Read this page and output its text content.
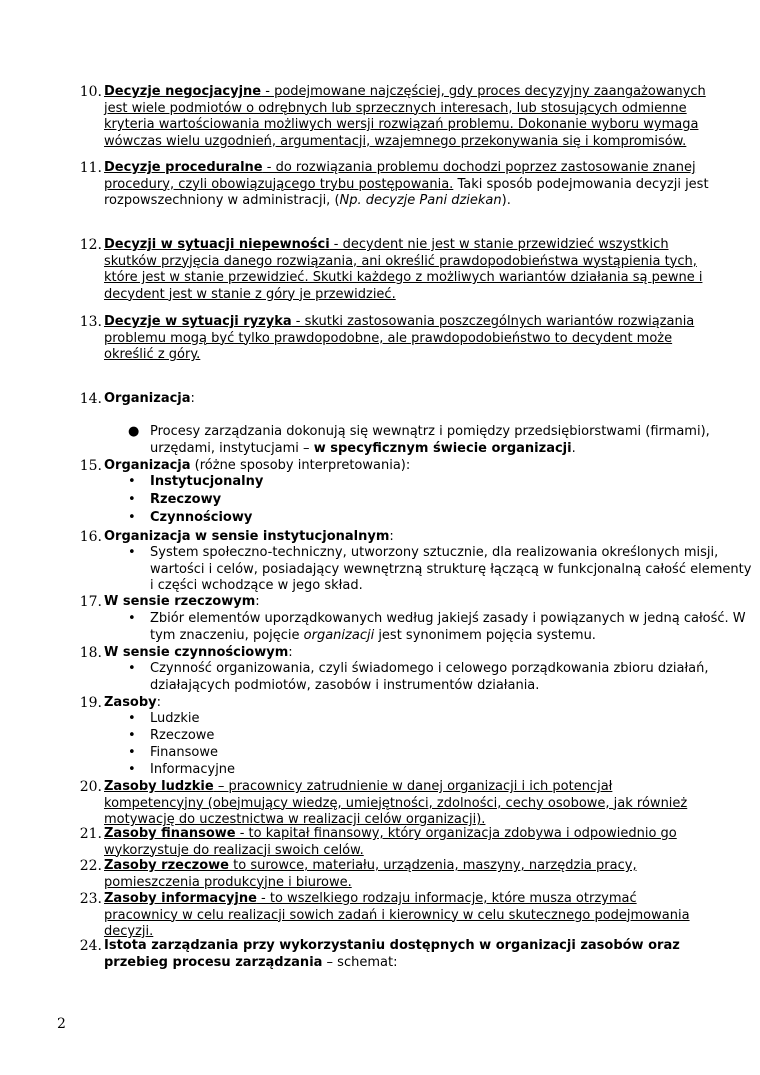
10. Decyzje negocjacyjne - podejmowane najczęściej, gdy proces decyzyjny zaangażowanych jest wiele podmiotów o odrębnych lub sprzecznych interesach, lub stosujących odmienne kryteria wartościowania możliwych wersji rozwiązań problemu. Dokonanie wyboru wymaga wówczas wielu uzgodnień, argumentacji, wzajemnego przekonywania się i kompromisów.
11. Decyzje proceduralne - do rozwiązania problemu dochodzi poprzez zastosowanie znanej procedury, czyli obowiązującego trybu postępowania. Taki sposób podejmowania decyzji jest rozpowszechniony w administracji, (Np. decyzje Pani dziekan).
12. Decyzji w sytuacji niepewności - decydent nie jest w stanie przewidzieć wszystkich skutków przyjęcia danego rozwiązania, ani określić prawdopodobieństwa wystąpienia tych, które jest w stanie przewidzieć. Skutki każdego z możliwych wariantów działania są pewne i decydent jest w stanie z góry je przewidzieć.
13. Decyzje w sytuacji ryzyka - skutki zastosowania poszczególnych wariantów rozwiązania problemu mogą być tylko prawdopodobne, ale prawdopodobieństwo to decydent może określić z góry.
14. Organizacja:
● Procesy zarządzania dokonują się wewnątrz i pomiędzy przedsiębiorstwami (firmami), urzędami, instytucjami – w specyficznym świecie organizacji.
15. Organizacja (różne sposoby interpretowania):
• Instytucjonalny
• Rzeczowy
• Czynnościowy
16. Organizacja w sensie instytucjonalnym:
• System społeczno-techniczny, utworzony sztucznie, dla realizowania określonych misji, wartości i celów, posiadający wewnętrzną strukturę łączącą w funkcjonalną całość elementy i części wchodzące w jego skład.
17. W sensie rzeczowym:
• Zbiór elementów uporządkowanych według jakiejś zasady i powiązanych w jedną całość. W tym znaczeniu, pojęcie organizacji jest synonimem pojęcia systemu.
18. W sensie czynnościowym:
• Czynność organizowania, czyli świadomego i celowego porządkowania zbioru działań, działających podmiotów, zasobów i instrumentów działania.
19. Zasoby:
• Ludzkie
• Rzeczowe
• Finansowe
• Informacyjne
20. Zasoby ludzkie – pracownicy zatrudnienie w danej organizacji i ich potencjał kompetencyjny (obejmujący wiedzę, umiejętności, zdolności, cechy osobowe, jak również motywację do uczestnictwa w realizacji celów organizacji).
21. Zasoby finansowe - to kapitał finansowy, który organizacja zdobywa i odpowiednio go wykorzystuje do realizacji swoich celów.
22. Zasoby rzeczowe to surowce, materiału, urządzenia, maszyny, narzędzia pracy, pomieszczenia produkcyjne i biurowe.
23. Zasoby informacyjne - to wszelkiego rodzaju informacje, które musza otrzymać pracownicy w celu realizacji sowich zadań i kierownicy w celu skutecznego podejmowania decyzji.
24. Istota zarządzania przy wykorzystaniu dostępnych w organizacji zasobów oraz przebieg procesu zarządzania – schemat:
2
